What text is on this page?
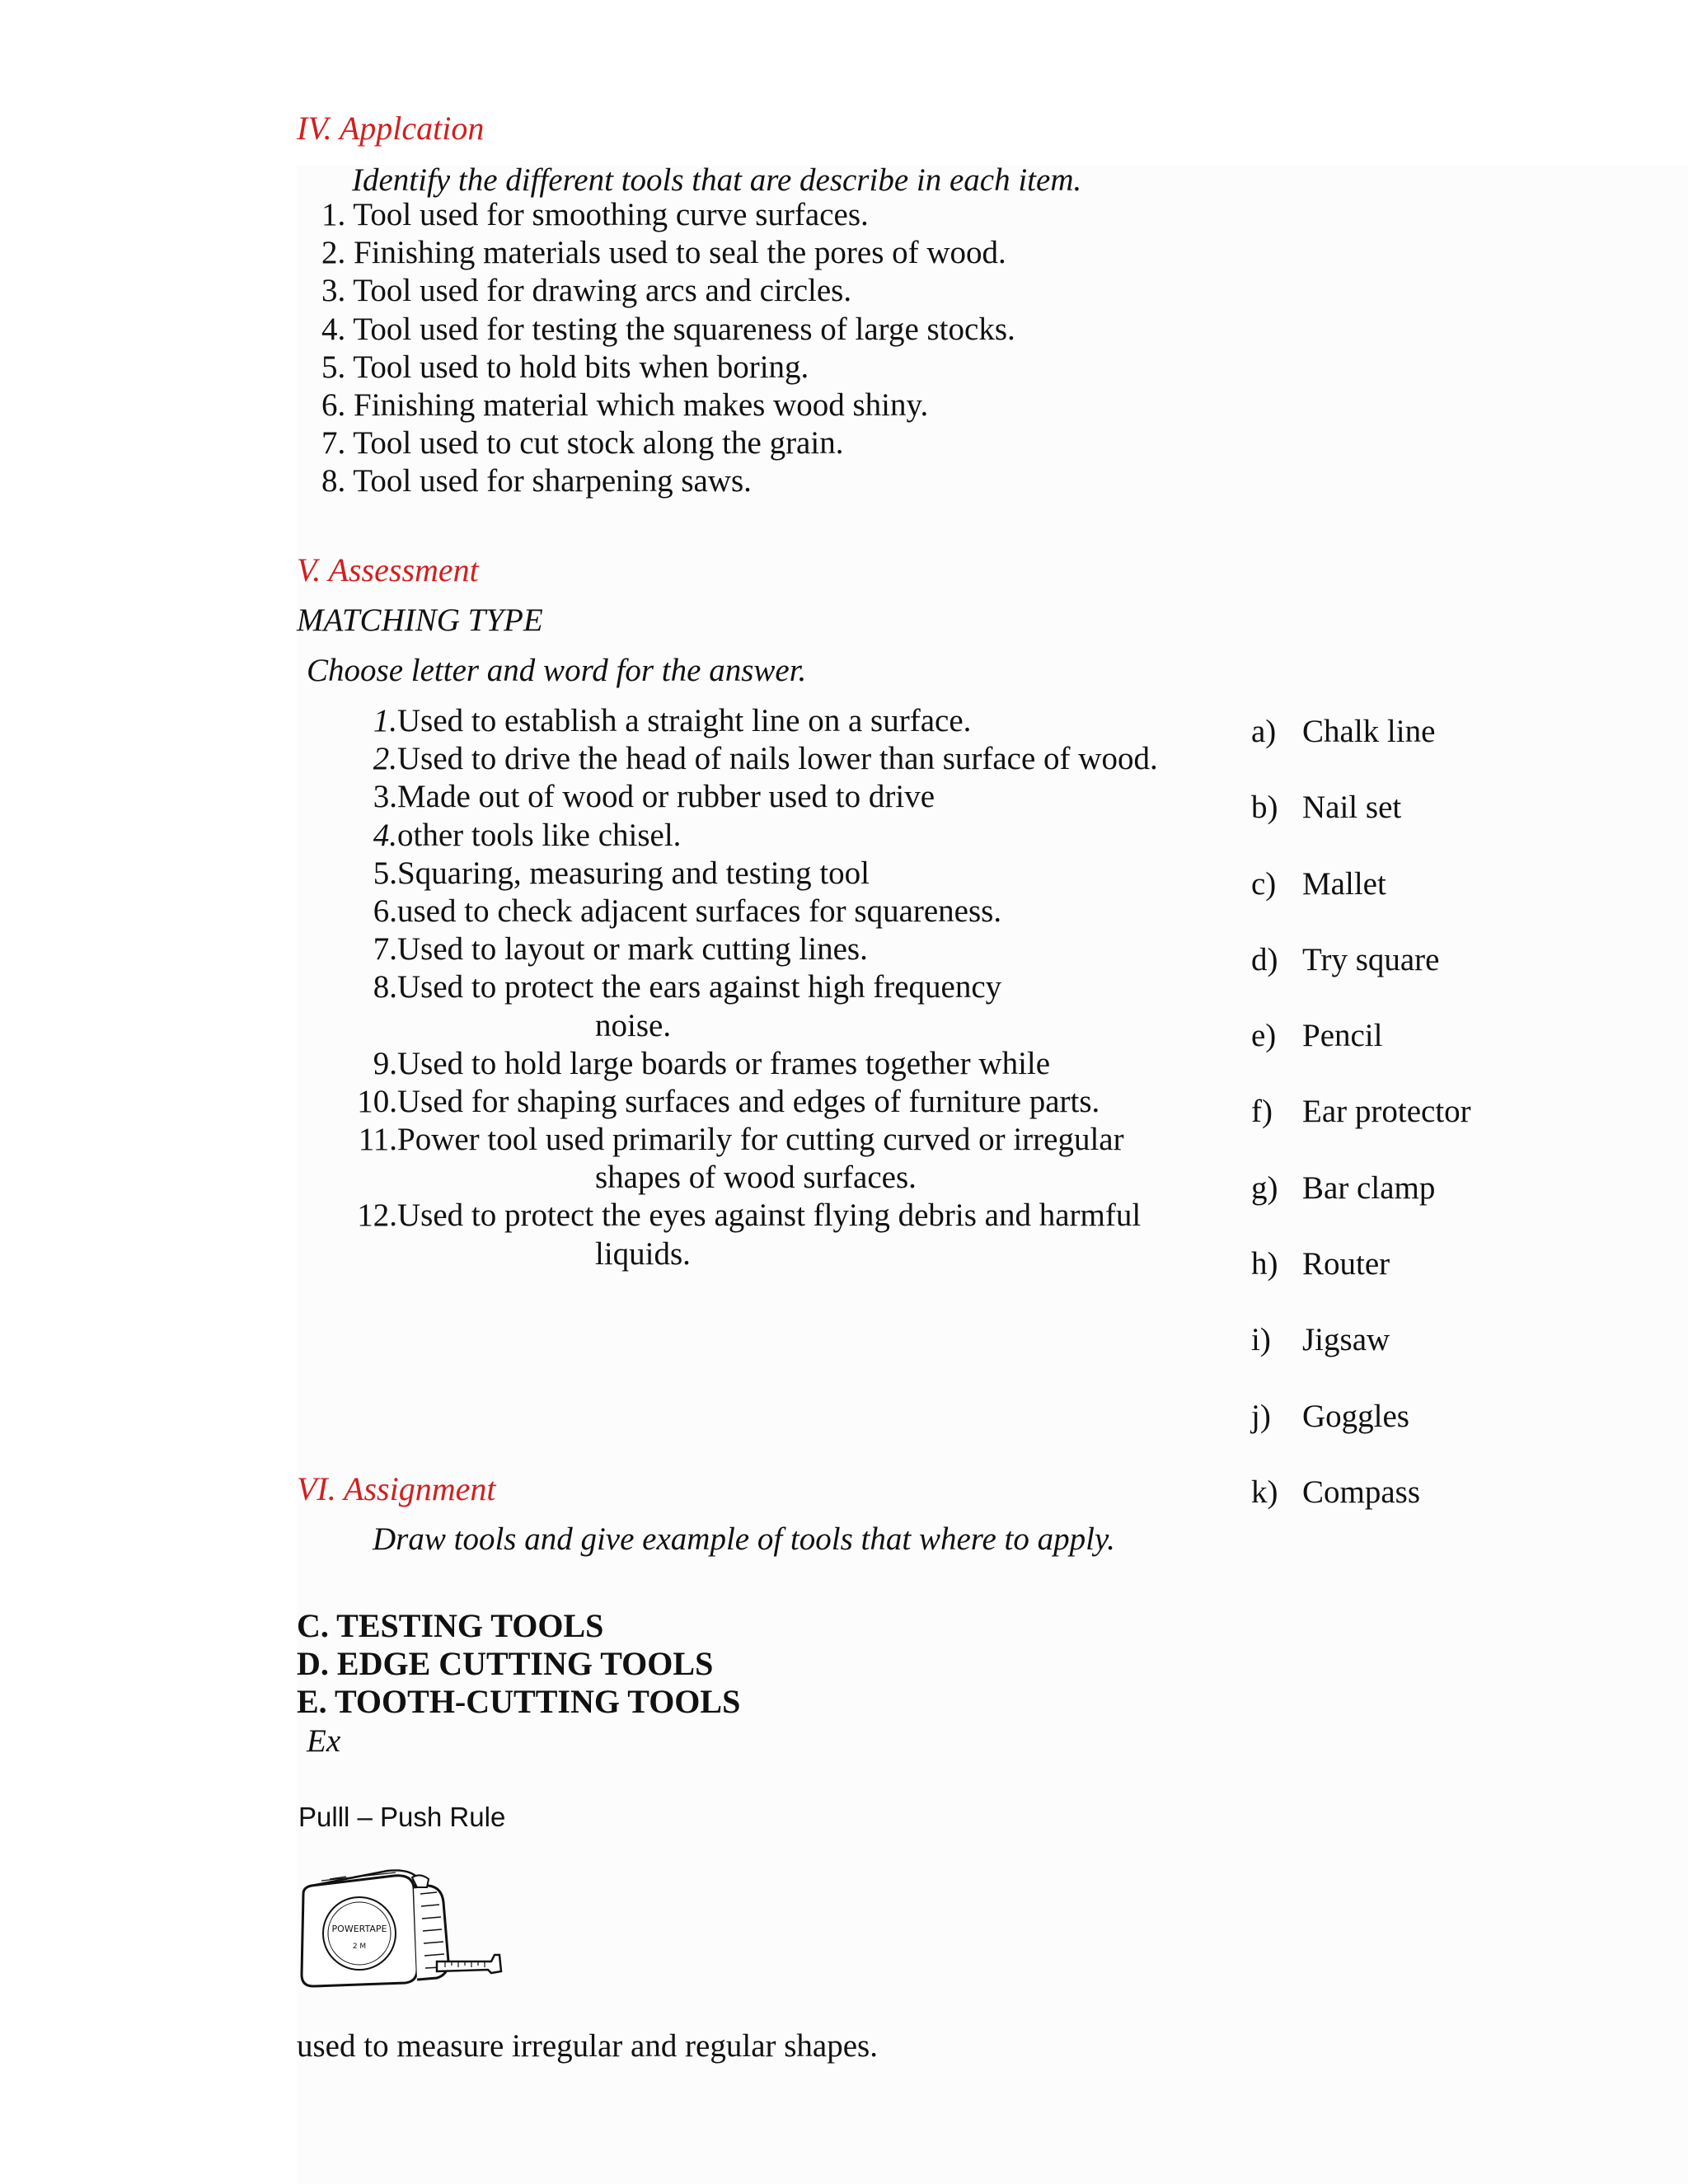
IV. Applcation
Identify the different tools that are describe in each item.
1. Tool used for smoothing curve surfaces.
2. Finishing materials used to seal the pores of wood.
3. Tool used for drawing arcs and circles.
4. Tool used for testing the squareness of large stocks.
5. Tool used to hold bits when boring.
6. Finishing material which makes wood shiny.
7. Tool used to cut stock along the grain.
8. Tool used for sharpening saws.
V. Assessment
MATCHING TYPE
Choose letter and word for the answer.
1. Used to establish a straight line on a surface.
2. Used to drive the head of nails lower than surface of wood.
3. Made out of wood or rubber used to drive
4. other tools like chisel.
5. Squaring, measuring and testing tool
6. used to check adjacent surfaces for squareness.
7. Used to layout or mark cutting lines.
8. Used to protect the ears against high frequency
noise.
9. Used to hold large boards or frames together while
10. Used for shaping surfaces and edges of furniture parts.
11. Power tool used primarily for cutting curved or irregular
shapes of wood surfaces.
12. Used to protect the eyes against flying debris and harmful
liquids.
a) Chalk line
b) Nail set
c) Mallet
d) Try square
e) Pencil
f) Ear protector
g) Bar clamp
h) Router
i) Jigsaw
j) Goggles
k) Compass
VI. Assignment
Draw tools and give example of tools that where to apply.
C. TESTING TOOLS
D. EDGE CUTTING TOOLS
E. TOOTH-CUTTING TOOLS
Ex
Pulll – Push Rule
POWERTAPE
2 M
used to measure irregular and regular shapes.
